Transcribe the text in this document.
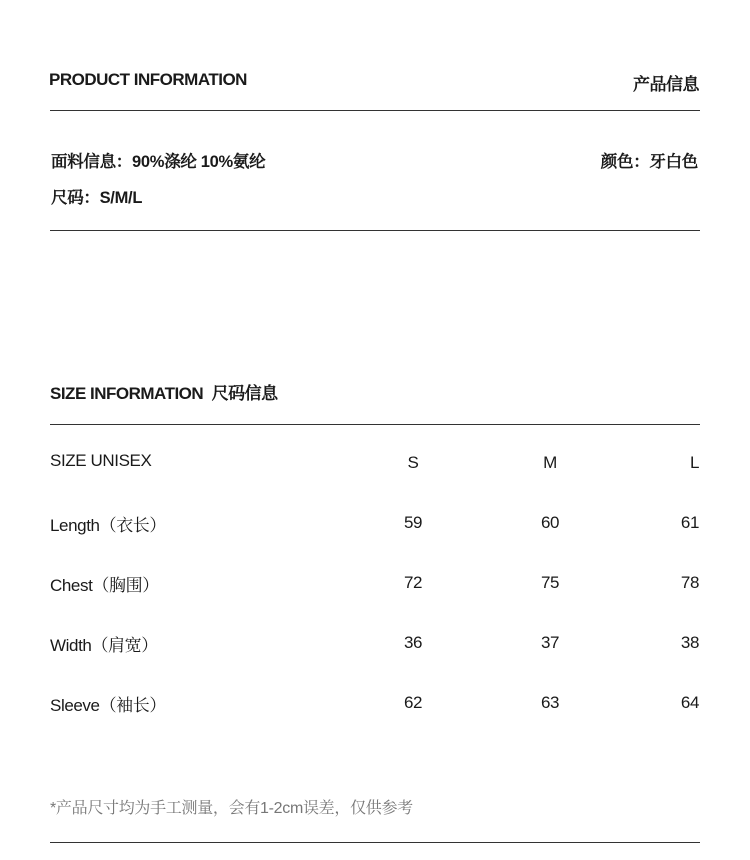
PRODUCT INFORMATION	产品信息
面料信息：90%涤纶 10%氨纶	颜色：牙白色
尺码：S/M/L
SIZE INFORMATION  尺码信息
SIZE UNISEX	S	M	L
Length（衣长）	59	60	61
Chest（胸围）	72	75	78
Width（肩宽）	36	37	38
Sleeve（袖长）	62	63	64
*产品尺寸均为手工测量，会有1-2cm误差，仅供参考
